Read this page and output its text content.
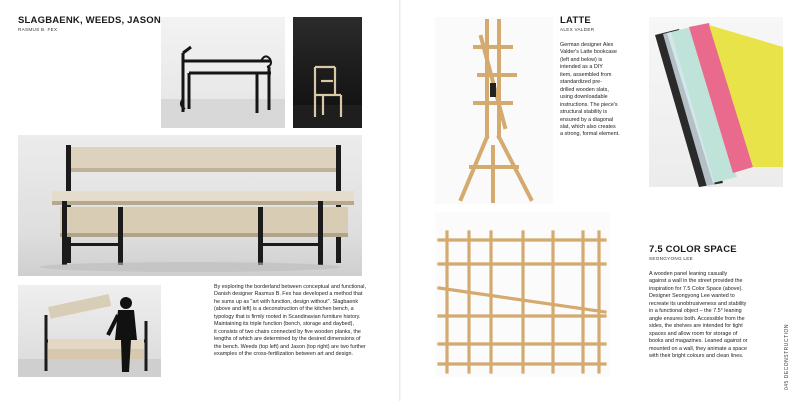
SLAGBAENK, WEEDS, JASON
RASMUS B. FEX
By exploring the borderland between conceptual and functional,
Danish designer Rasmus B. Fex has developed a method that
he sums up as "art with function, design without". Slagbaenk
(above and left) is a deconstruction of the kitchen bench, a
typology that is firmly rooted in Scandinavian furniture history.
Maintaining its triple function (bench, storage and daybed),
it consists of two chairs connected by five wooden planks, the
lengths of which are determined by the desired dimensions of
the bench. Weeds (top left) and Jason (top right) are two further
examples of the cross-fertilization between art and design.
LATTE
ALEX VALDER
German designer Alex
Valder's Latte bookcase
(left and below) is
intended as a DIY
item, assembled from
standardized pre-
drilled wooden slats,
using downloadable
instructions. The piece's
structural stability is
ensured by a diagonal
slat, which also creates
a strong, formal element.
7.5 COLOR SPACE
SEONGYONG LEE
A wooden panel leaning casually
against a wall in the street provided the
inspiration for 7.5 Color Space (above).
Designer Seongyong Lee wanted to
recreate its unobtrusiveness and stability
in a functional object – the 7.5° leaning
angle ensures both. Accessible from the
sides, the shelves are intended for tight
spaces and allow room for storage of
books and magazines. Leaned against or
mounted on a wall, they animate a space
with their bright colours and clean lines.	045 DECONSTRUCTION
